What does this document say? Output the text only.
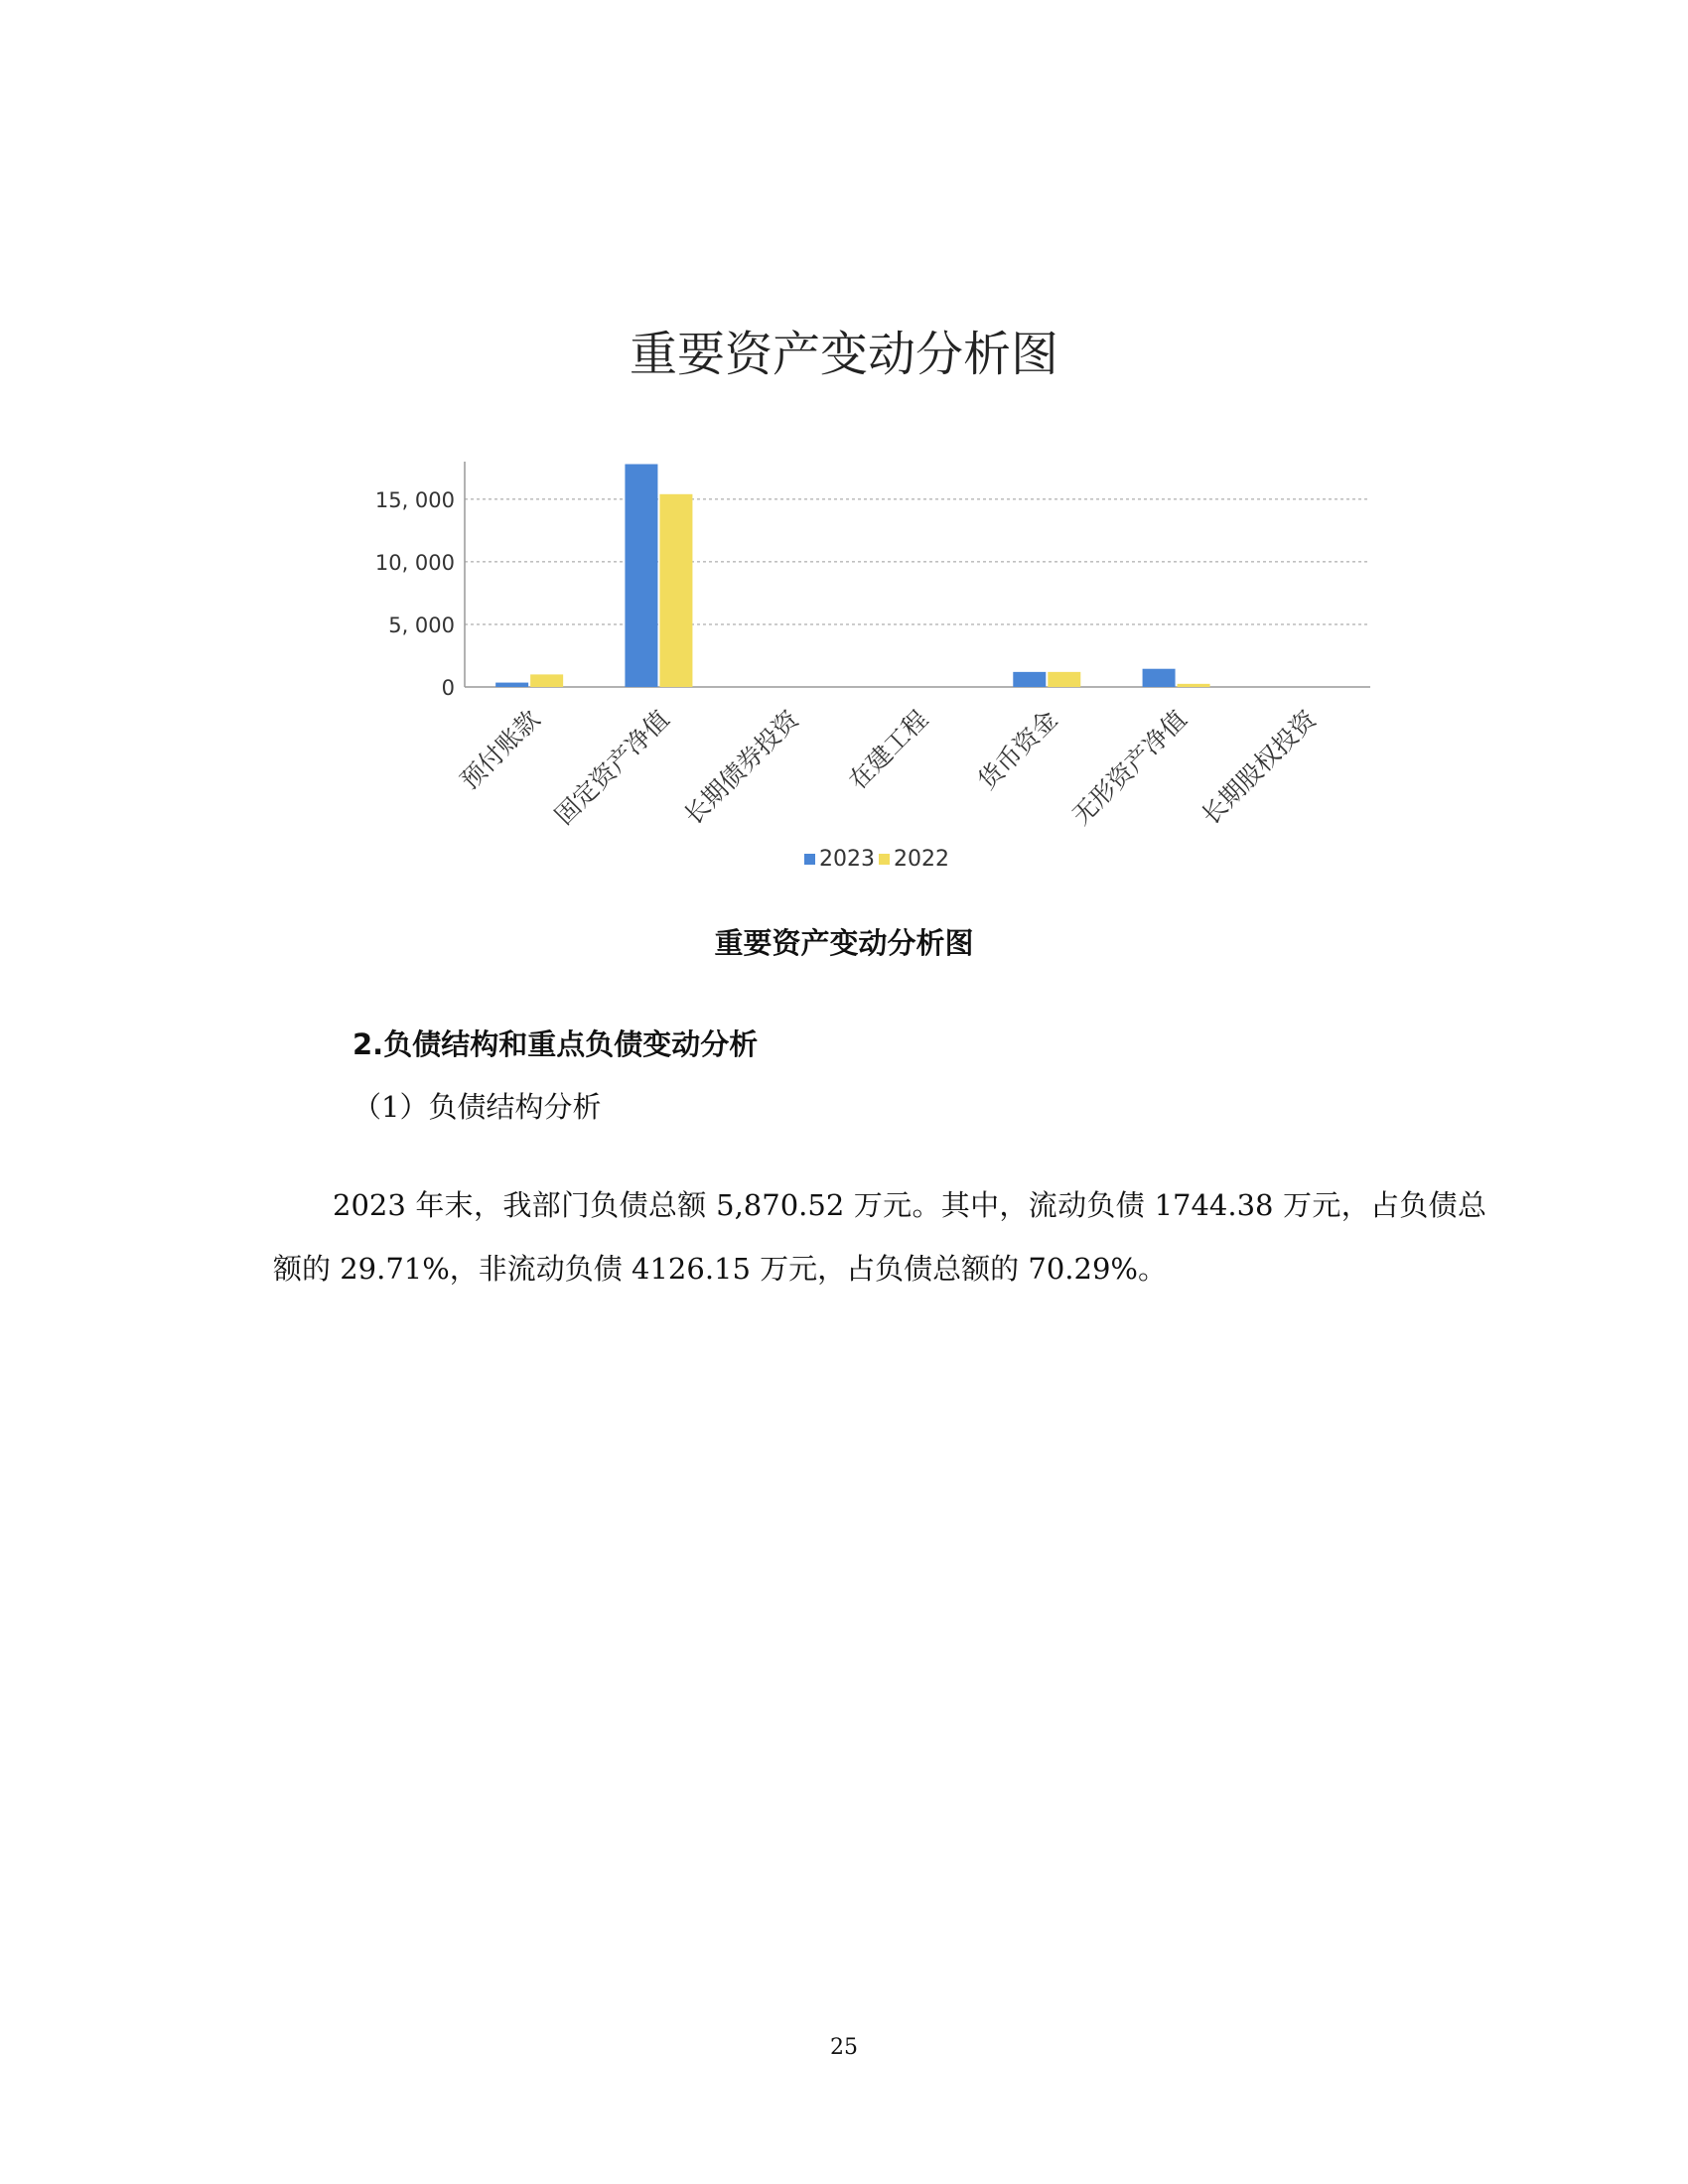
重要资产变动分析图
0
5, 000
10, 000
15, 000
预付账款 固定资产净值 长期债券投资 在建工程 货币资金 无形资产净值 长期股权投资
2023 2022
重要资产变动分析图
2.负债结构和重点负债变动分析
（1）负债结构分析

2023 年末，我部门负债总额 5,870.52 万元。其中，流动负债 1744.38 万元，占负债总额的 29.71%，非流动负债 4126.15 万元，占负债总额的 70.29%。

25
